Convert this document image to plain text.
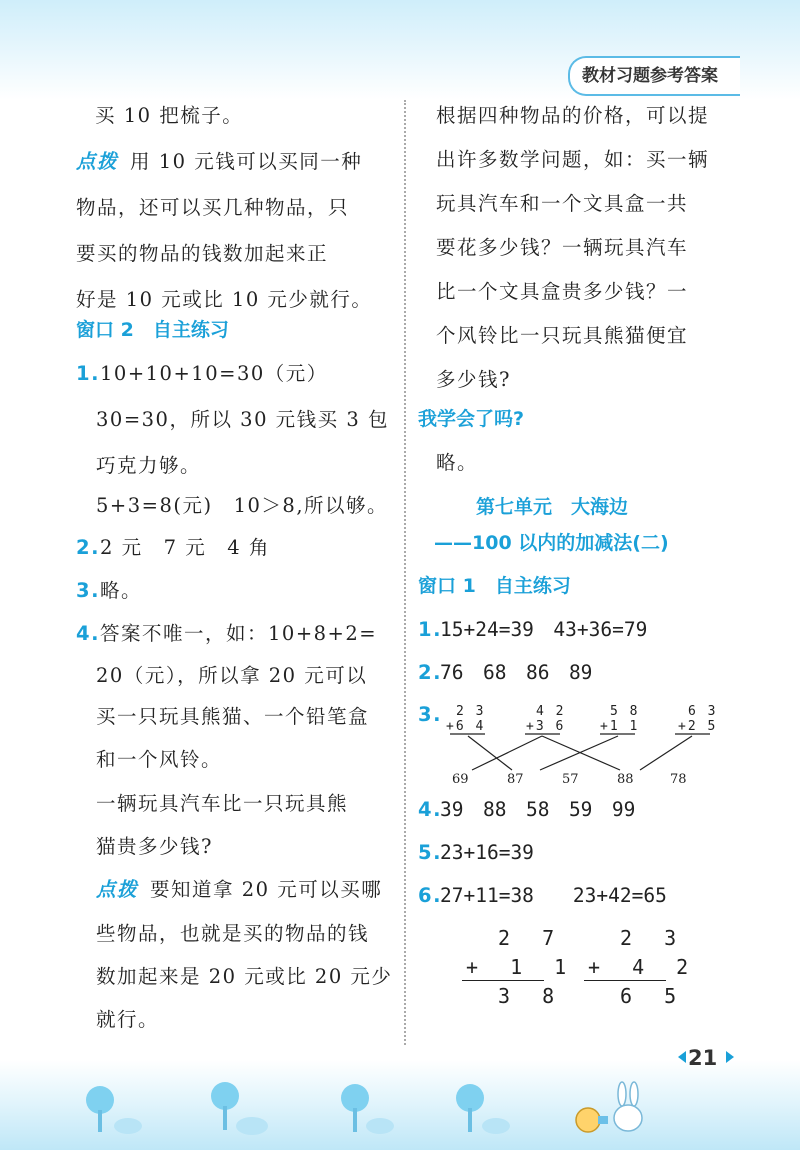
教材习题参考答案
买 10 把梳子。
点拨 用 10 元钱可以买同一种
物品，还可以买几种物品，只
要买的物品的钱数加起来正
好是 10 元或比 10 元少就行。
窗口 2　自主练习
1. 10+10+10=30（元）
30=30，所以 30 元钱买 3 包
巧克力够。
5+3=8(元)　10＞8,所以够。
2. 2 元　7 元　4 角
3. 略。
4. 答案不唯一，如：10+8+2=
20（元），所以拿 20 元可以
买一只玩具熊猫、一个铅笔盒
和一个风铃。
一辆玩具汽车比一只玩具熊
猫贵多少钱?
点拨 要知道拿 20 元可以买哪
些物品，也就是买的物品的钱
数加起来是 20 元或比 20 元少
就行。
根据四种物品的价格，可以提
出许多数学问题，如：买一辆
玩具汽车和一个文具盒一共
要花多少钱？一辆玩具汽车
比一个文具盒贵多少钱？一
个风铃比一只玩具熊猫便宜
多少钱?
我学会了吗?
略。
第七单元　大海边
——100 以内的加减法(二)
窗口 1　自主练习
1.
15+24=39　43+36=79
2.
76　68　86　89
3. 2 3
+6 4
4 2
+3 6
5 8
+1 1
6 3
+2 5
69	87	57	88	78
4.
39　88　58　59　99
5.
23+16=39
6.
27+11=38　　23+42=65
2 7
+ 1 1
3 8
2 3
+ 4 2
6 5
21
